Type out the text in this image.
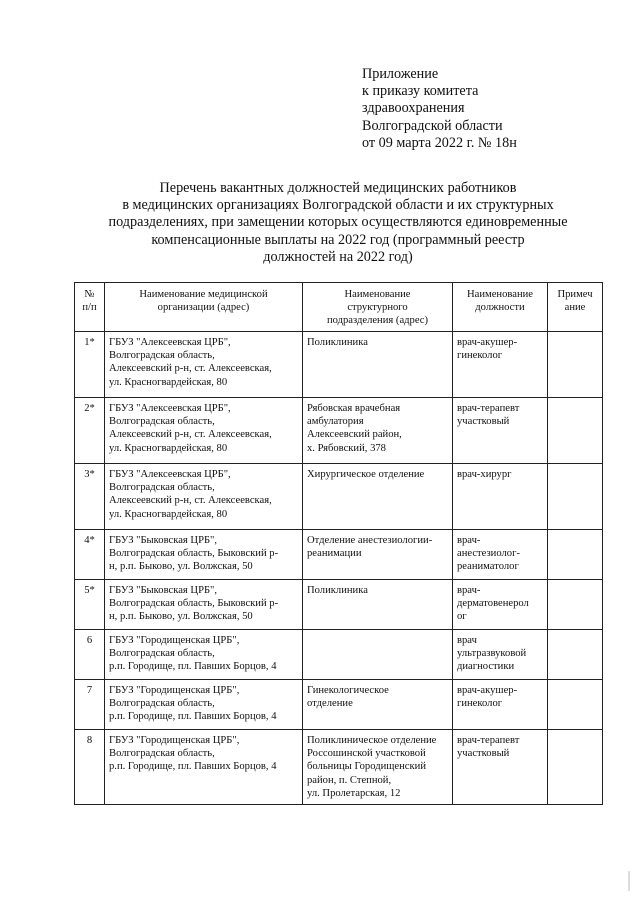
Приложение
к приказу комитета
здравоохранения
Волгоградской области
от 09 марта 2022 г. № 18н
Перечень вакантных должностей медицинских работников
в медицинских организациях Волгоградской области и их структурных
подразделениях, при замещении которых осуществляются единовременные
компенсационные выплаты на 2022 год (программный реестр
должностей на 2022 год)
№
п/п	Наименование медицинской
организации (адрес)	Наименование
структурного
подразделения (адрес)	Наименование
должности	Примеч
ание

1*	ГБУЗ "Алексеевская ЦРБ",
Волгоградская область,
Алексеевский р-н, ст. Алексеевская,
ул. Красногвардейская, 80	Поликлиника	врач-акушер-
гинеколог	

2*	ГБУЗ "Алексеевская ЦРБ",
Волгоградская область,
Алексеевский р-н, ст. Алексеевская,
ул. Красногвардейская, 80	Рябовская врачебная
амбулатория
Алексеевский район,
х. Рябовский, 378	врач-терапевт
участковый	

3*	ГБУЗ "Алексеевская ЦРБ",
Волгоградская область,
Алексеевский р-н, ст. Алексеевская,
ул. Красногвардейская, 80	Хирургическое отделение	врач-хирург	

4*	ГБУЗ "Быковская ЦРБ",
Волгоградская область, Быковский р-
н, р.п. Быково, ул. Волжская, 50	Отделение анестезиологии-
реанимации	врач-
анестезиолог-
реаниматолог	

5*	ГБУЗ "Быковская ЦРБ",
Волгоградская область, Быковский р-
н, р.п. Быково, ул. Волжская, 50	Поликлиника	врач-
дерматовенерол
ог	

6	ГБУЗ "Городищенская ЦРБ",
Волгоградская область,
р.п. Городище, пл. Павших Борцов, 4		врач
ультразвуковой
диагностики	

7	ГБУЗ "Городищенская ЦРБ",
Волгоградская область,
р.п. Городище, пл. Павших Борцов, 4	Гинекологическое
отделение	врач-акушер-
гинеколог	

8	ГБУЗ "Городищенская ЦРБ",
Волгоградская область,
р.п. Городище, пл. Павших Борцов, 4	Поликлиническое отделение
Россошинской участковой
больницы Городищенский
район, п. Степной,
ул. Пролетарская, 12	врач-терапевт
участковый	
